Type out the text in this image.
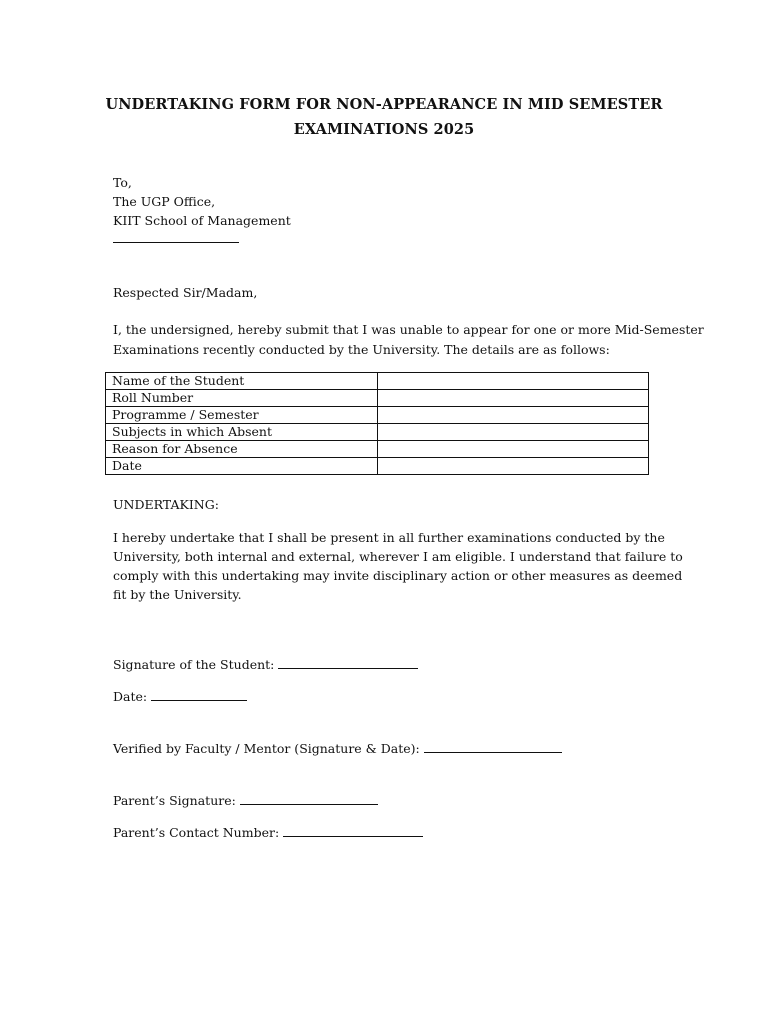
UNDERTAKING FORM FOR NON-APPEARANCE IN MID SEMESTER
EXAMINATIONS 2025
To,
The UGP Office,
KIIT School of Management
Respected Sir/Madam,
I, the undersigned, hereby submit that I was unable to appear for one or more Mid-Semester
Examinations recently conducted by the University. The details are as follows:
Name of the Student	
Roll Number	
Programme / Semester	
Subjects in which Absent	
Reason for Absence	
Date	
UNDERTAKING:
I hereby undertake that I shall be present in all further examinations conducted by the
University, both internal and external, wherever I am eligible. I understand that failure to
comply with this undertaking may invite disciplinary action or other measures as deemed
fit by the University.
Signature of the Student:
Date:
Verified by Faculty / Mentor (Signature & Date):
Parent’s Signature:
Parent’s Contact Number:
